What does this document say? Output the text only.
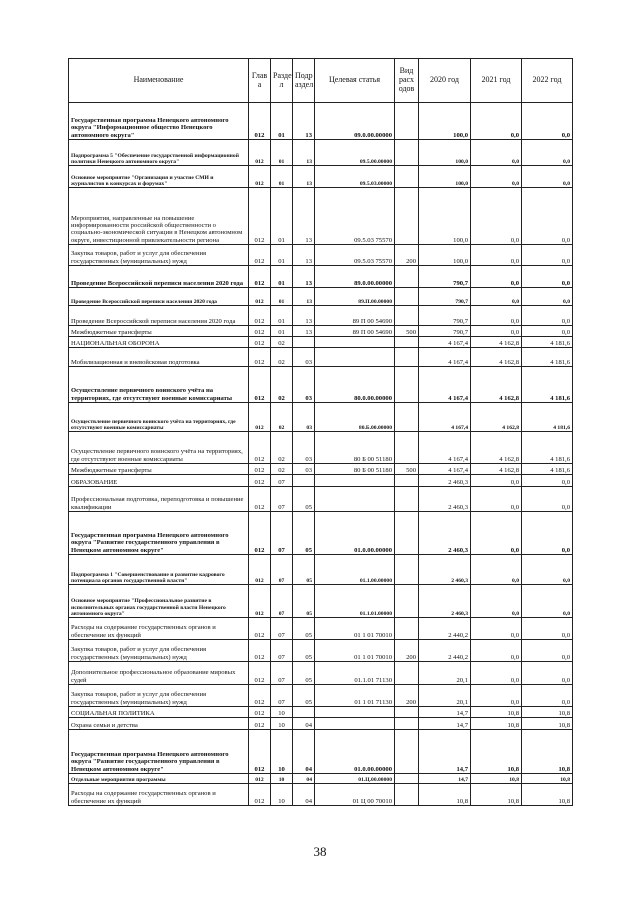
Наименование	Глав а	Разде л	Подр аздел	Целевая статья	Вид расх одов	2020 год	2021 год	2022 год
Государственная программа Ненецкого автономного округа "Информационное общество Ненецкого автономного округа"	012	01	13	09.0.00.00000		100,0	0,0	0,0
Подпрограмма 5 "Обеспечение государственной информационной политики Ненецкого автономного округа"	012	01	13	09.5.00.00000		100,0	0,0	0,0
Основное мероприятие "Организация и участие СМИ и журналистов в конкурсах и форумах"	012	01	13	09.5.03.00000		100,0	0,0	0,0
Мероприятия, направленные на повышение информированности российской общественности о социально-экономической ситуации в Ненецком автономном округе, инвестиционной привлекательности региона	012	01	13	09.5.03 75570		100,0	0,0	0,0
Закупка товаров, работ и услуг для обеспечения государственных (муниципальных) нужд	012	01	13	09.5.03 75570	200	100,0	0,0	0,0
Проведение Всероссийской переписи населения 2020 года	012	01	13	89.0.00.00000		790,7	0,0	0,0
Проведение Всероссийской переписи населения 2020 года	012	01	13	89.П.00.00000		790,7	0,0	0,0
Проведение Всероссийской переписи населения 2020 года	012	01	13	89 П 00 54690		790,7	0,0	0,0
Межбюджетные трансферты	012	01	13	89 П 00 54690	500	790,7	0,0	0,0
НАЦИОНАЛЬНАЯ ОБОРОНА	012	02				4 167,4	4 162,8	4 181,6
Мобилизационная и вневойсковая подготовка	012	02	03			4 167,4	4 162,8	4 181,6
Осуществление первичного воинского учёта на территориях, где отсутствуют военные комиссариаты	012	02	03	80.0.00.00000		4 167,4	4 162,8	4 181,6
Осуществление первичного воинского учёта на территориях, где отсутствуют военные комиссариаты	012	02	03	80.Б.00.00000		4 167,4	4 162,8	4 181,6
Осуществление первичного воинского учёта на территориях, где отсутствуют военные комиссариаты	012	02	03	80 Б 00 51180		4 167,4	4 162,8	4 181,6
Межбюджетные трансферты	012	02	03	80 Б 00 51180	500	4 167,4	4 162,8	4 181,6
ОБРАЗОВАНИЕ	012	07				2 460,3	0,0	0,0
Профессиональная подготовка, переподготовка и повышение квалификации	012	07	05			2 460,3	0,0	0,0
Государственная программа Ненецкого автономного округа "Развитие государственного управления в Ненецком автономном округе"	012	07	05	01.0.00.00000		2 460,3	0,0	0,0
Подпрограмма 1 "Совершенствование и развитие кадрового потенциала органов государственной власти"	012	07	05	01.1.00.00000		2 460,3	0,0	0,0
Основное мероприятие "Профессиональное развитие в исполнительных органах государственной власти Ненецкого автономного округа"	012	07	05	01.1.01.00000		2 460,3	0,0	0,0
Расходы на содержание государственных органов и обеспечение их функций	012	07	05	01 1 01 70010		2 440,2	0,0	0,0
Закупка товаров, работ и услуг для обеспечения государственных (муниципальных) нужд	012	07	05	01 1 01 70010	200	2 440,2	0,0	0,0
Дополнительное профессиональное образование мировых судей	012	07	05	01.1.01 71130		20,1	0,0	0,0
Закупка товаров, работ и услуг для обеспечения государственных (муниципальных) нужд	012	07	05	01 1 01 71130	200	20,1	0,0	0,0
СОЦИАЛЬНАЯ ПОЛИТИКА	012	10				14,7	10,8	10,8
Охрана семьи и детства	012	10	04			14,7	10,8	10,8
Государственная программа Ненецкого автономного округа "Развитие государственного управления в Ненецком автономном округе"	012	10	04	01.0.00.00000		14,7	10,8	10,8
Отдельные мероприятия программы	012	10	04	01.Ц.00.00000		14,7	10,8	10,8
Расходы на содержание государственных органов и обеспечение их функций	012	10	04	01 Ц 00 70010		10,8	10,8	10,8
38
